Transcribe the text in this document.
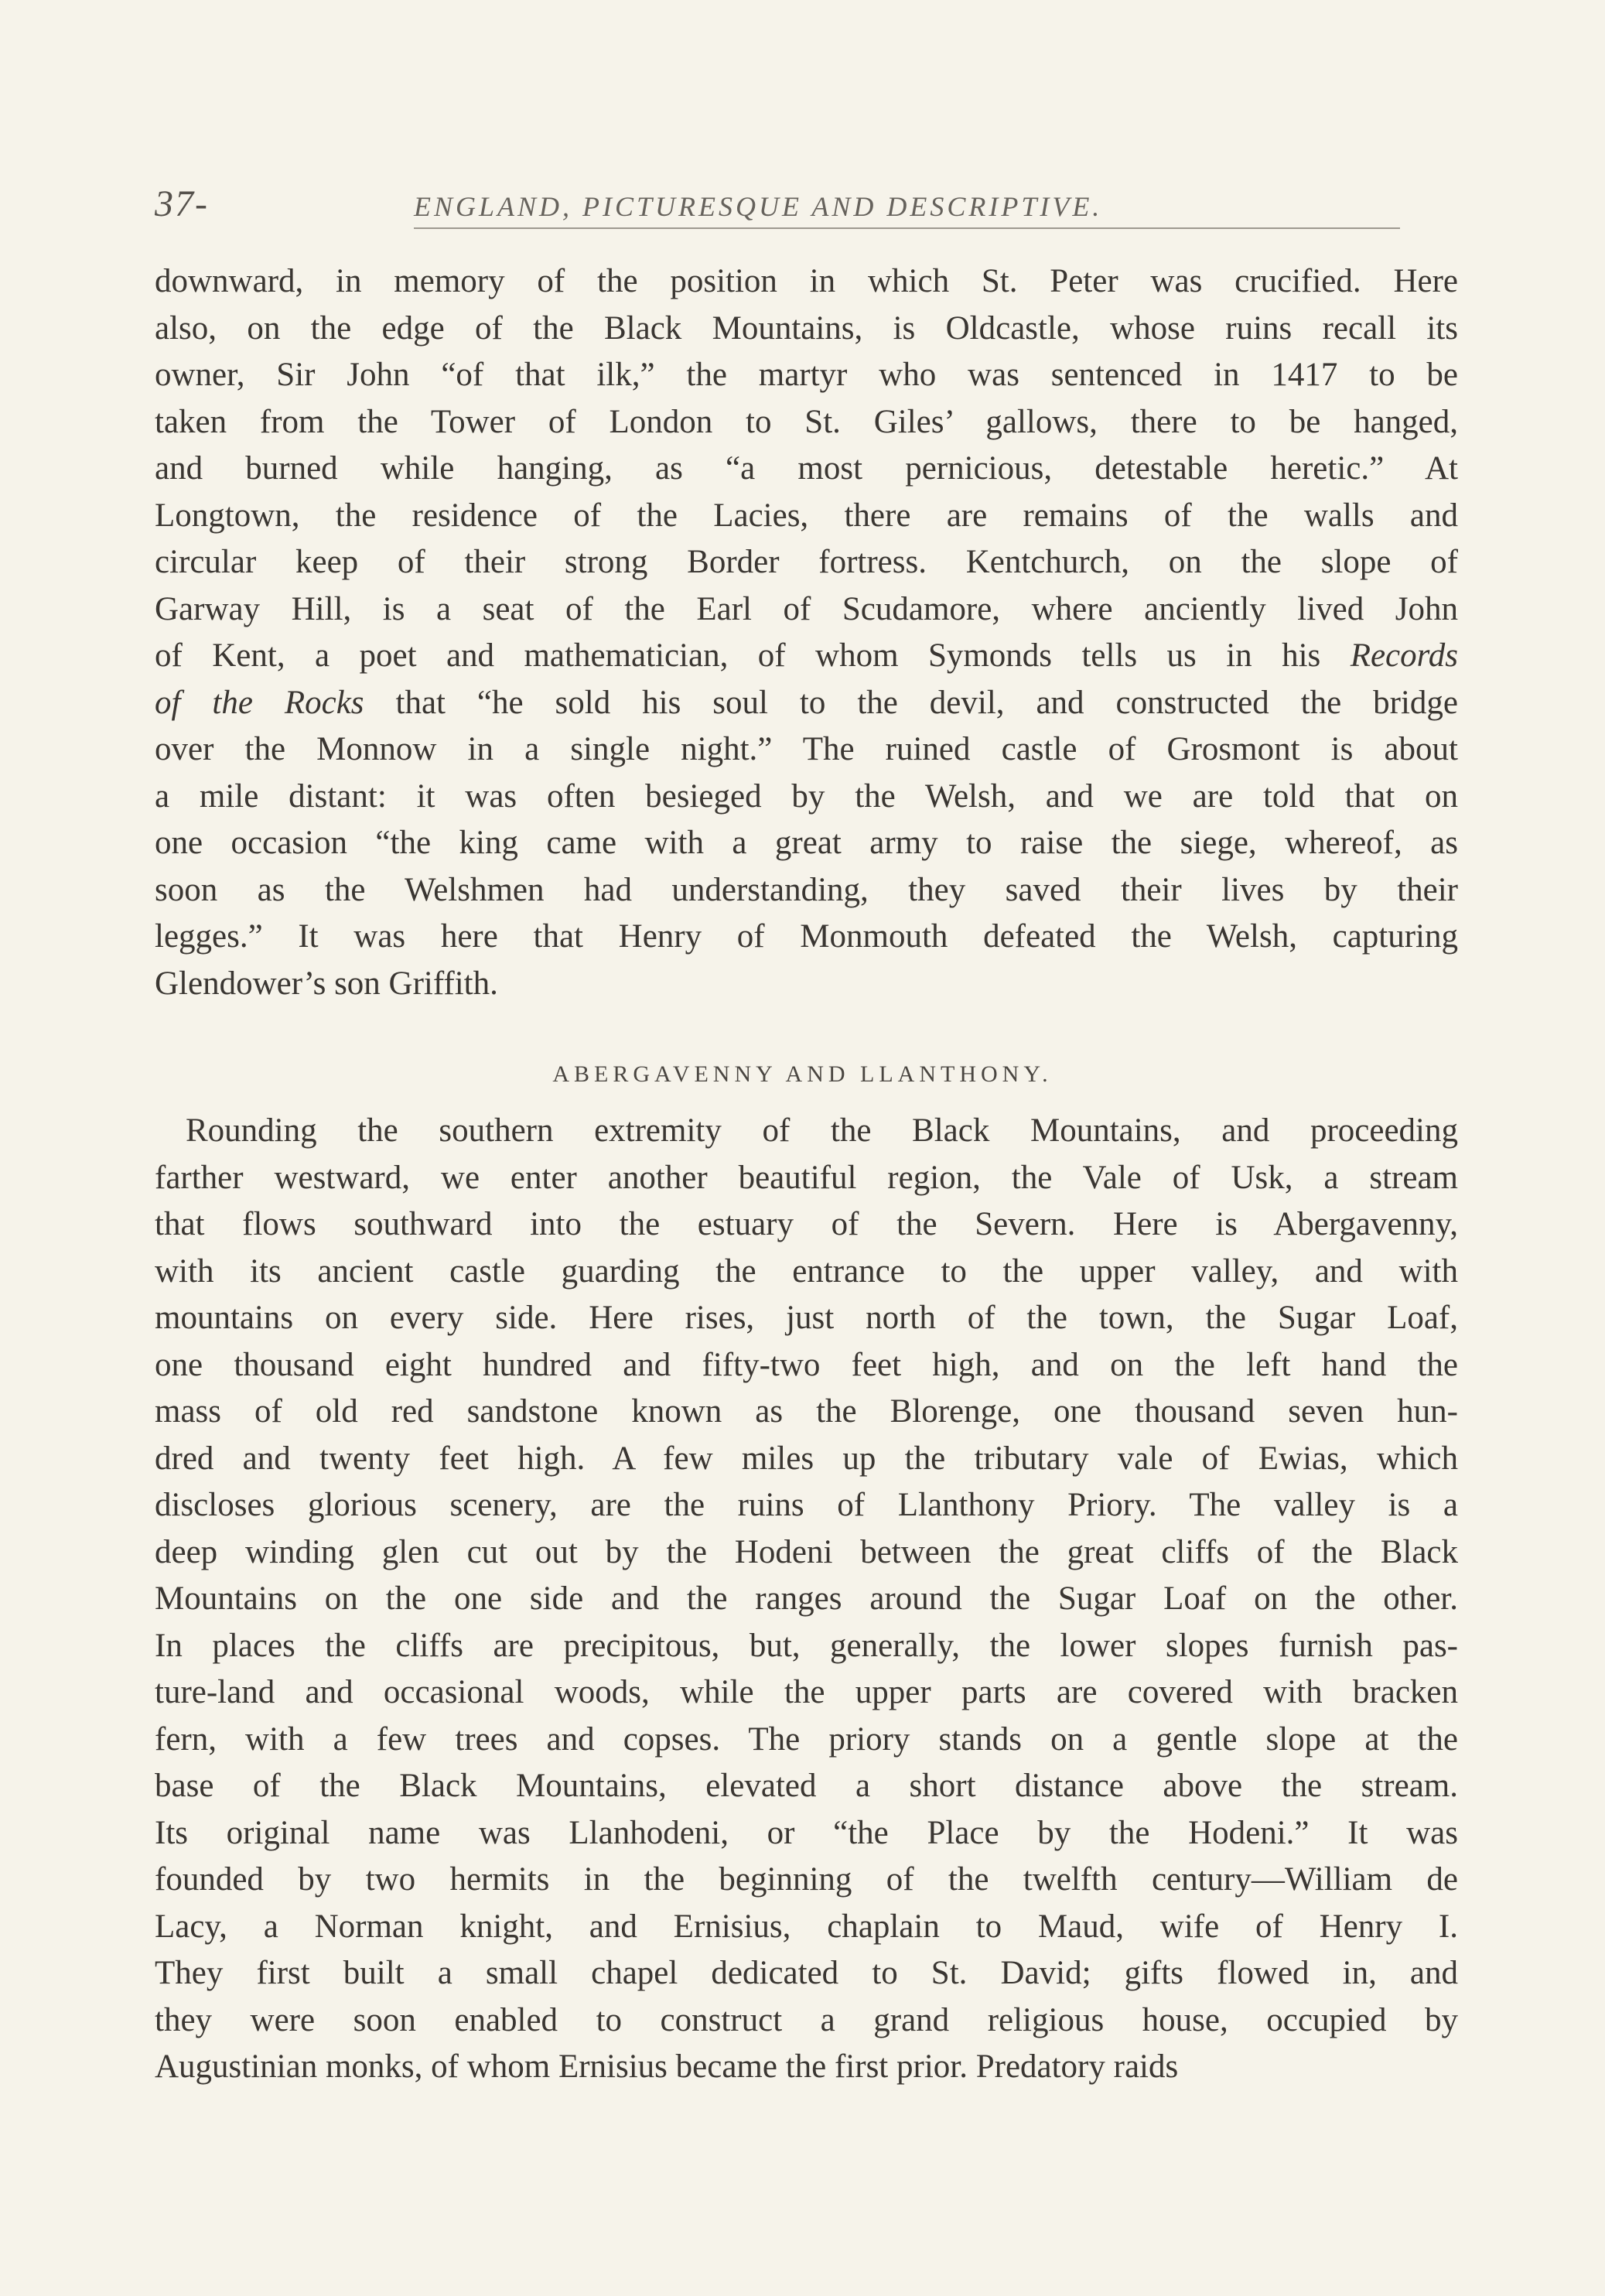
37-	ENGLAND, PICTURESQUE AND DESCRIPTIVE.
downward, in memory of the position in which St. Peter was crucified. Here
also, on the edge of the Black Mountains, is Oldcastle, whose ruins recall its
owner, Sir John “of that ilk,” the martyr who was sentenced in 1417 to be
taken from the Tower of London to St. Giles’ gallows, there to be hanged,
and burned while hanging, as “a most pernicious, detestable heretic.” At
Longtown, the residence of the Lacies, there are remains of the walls and
circular keep of their strong Border fortress. Kentchurch, on the slope of
Garway Hill, is a seat of the Earl of Scudamore, where anciently lived John
of Kent, a poet and mathematician, of whom Symonds tells us in his Records
of the Rocks that “he sold his soul to the devil, and constructed the bridge
over the Monnow in a single night.” The ruined castle of Grosmont is about
a mile distant: it was often besieged by the Welsh, and we are told that on
one occasion “the king came with a great army to raise the siege, whereof, as
soon as the Welshmen had understanding, they saved their lives by their
legges.” It was here that Henry of Monmouth defeated the Welsh, capturing
Glendower’s son Griffith.
ABERGAVENNY AND LLANTHONY.
Rounding the southern extremity of the Black Mountains, and proceeding
farther westward, we enter another beautiful region, the Vale of Usk, a stream
that flows southward into the estuary of the Severn. Here is Abergavenny,
with its ancient castle guarding the entrance to the upper valley, and with
mountains on every side. Here rises, just north of the town, the Sugar Loaf,
one thousand eight hundred and fifty-two feet high, and on the left hand the
mass of old red sandstone known as the Blorenge, one thousand seven hun-
dred and twenty feet high. A few miles up the tributary vale of Ewias, which
discloses glorious scenery, are the ruins of Llanthony Priory. The valley is a
deep winding glen cut out by the Hodeni between the great cliffs of the Black
Mountains on the one side and the ranges around the Sugar Loaf on the other.
In places the cliffs are precipitous, but, generally, the lower slopes furnish pas-
ture-land and occasional woods, while the upper parts are covered with bracken
fern, with a few trees and copses. The priory stands on a gentle slope at the
base of the Black Mountains, elevated a short distance above the stream.
Its original name was Llanhodeni, or “the Place by the Hodeni.” It was
founded by two hermits in the beginning of the twelfth century—William de
Lacy, a Norman knight, and Ernisius, chaplain to Maud, wife of Henry I.
They first built a small chapel dedicated to St. David; gifts flowed in, and
they were soon enabled to construct a grand religious house, occupied by
Augustinian monks, of whom Ernisius became the first prior. Predatory raids
